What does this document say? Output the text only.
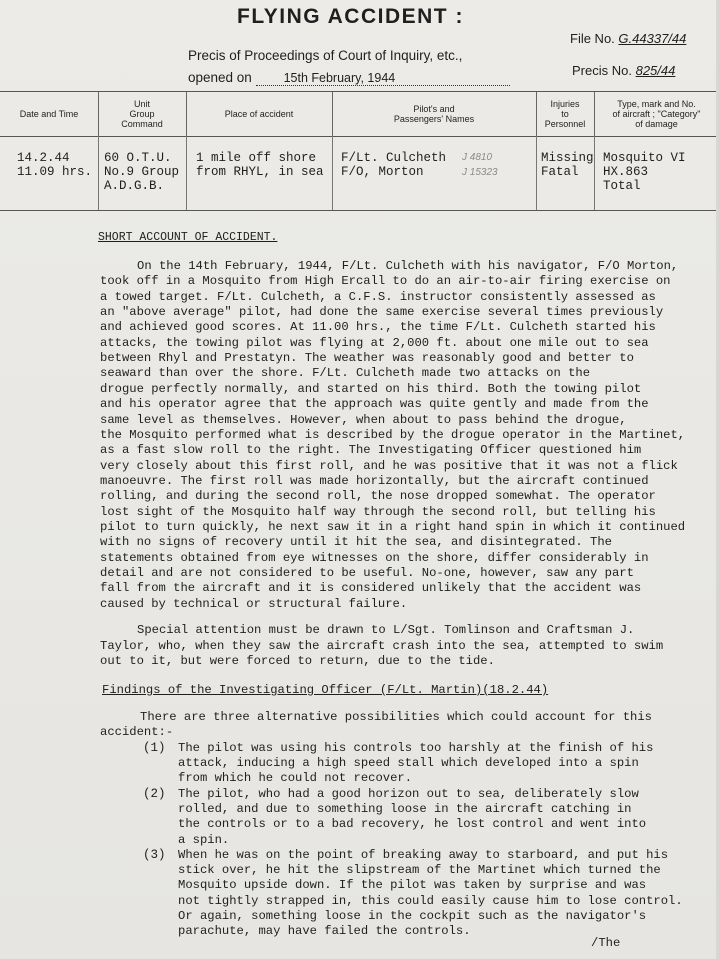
FLYING ACCIDENT :
Precis of Proceedings of Court of Inquiry, etc.,
opened on	15th February, 1944
File No. G.44337/44
Precis No. 825/44
Date and Time
Unit
Group
Command
Place of accident	Pilot's and
Passengers' Names
Injuries
to
Personnel
Type, mark and No.
of aircraft ; "Category"
of damage
14.2.44
11.09 hrs.
60 O.T.U.
No.9 Group
A.D.G.B.
1 mile off shore
from RHYL, in sea
F/Lt. Culcheth
F/O, Morton
J 4810
J 15323
Missing
Fatal
Mosquito VI
HX.863
Total
SHORT ACCOUNT OF ACCIDENT.
On the 14th February, 1944, F/Lt. Culcheth with his navigator, F/O Morton,
took off in a Mosquito from High Ercall to do an air-to-air firing exercise on
a towed target. F/Lt. Culcheth, a C.F.S. instructor consistently assessed as
an "above average" pilot, had done the same exercise several times previously
and achieved good scores. At 11.00 hrs., the time F/Lt. Culcheth started his
attacks, the towing pilot was flying at 2,000 ft. about one mile out to sea
between Rhyl and Prestatyn. The weather was reasonably good and better to
seaward than over the shore. F/Lt. Culcheth made two attacks on the
drogue perfectly normally, and started on his third. Both the towing pilot
and his operator agree that the approach was quite gently and made from the
same level as themselves. However, when about to pass behind the drogue,
the Mosquito performed what is described by the drogue operator in the Martinet,
as a fast slow roll to the right. The Investigating Officer questioned him
very closely about this first roll, and he was positive that it was not a flick
manoeuvre. The first roll was made horizontally, but the aircraft continued
rolling, and during the second roll, the nose dropped somewhat. The operator
lost sight of the Mosquito half way through the second roll, but telling his
pilot to turn quickly, he next saw it in a right hand spin in which it continued
with no signs of recovery until it hit the sea, and disintegrated. The
statements obtained from eye witnesses on the shore, differ considerably in
detail and are not considered to be useful. No-one, however, saw any part
fall from the aircraft and it is considered unlikely that the accident was
caused by technical or structural failure.
Special attention must be drawn to L/Sgt. Tomlinson and Craftsman J.
Taylor, who, when they saw the aircraft crash into the sea, attempted to swim
out to it, but were forced to return, due to the tide.
Findings of the Investigating Officer (F/Lt. Martin)(18.2.44)
There are three alternative possibilities which could account for this
accident:-
(1) The pilot was using his controls too harshly at the finish of his
attack, inducing a high speed stall which developed into a spin
from which he could not recover.
(2) The pilot, who had a good horizon out to sea, deliberately slow
rolled, and due to something loose in the aircraft catching in
the controls or to a bad recovery, he lost control and went into
a spin.
(3) When he was on the point of breaking away to starboard, and put his
stick over, he hit the slipstream of the Martinet which turned the
Mosquito upside down. If the pilot was taken by surprise and was
not tightly strapped in, this could easily cause him to lose control.
Or again, something loose in the cockpit such as the navigator's
parachute, may have failed the controls.
/The
